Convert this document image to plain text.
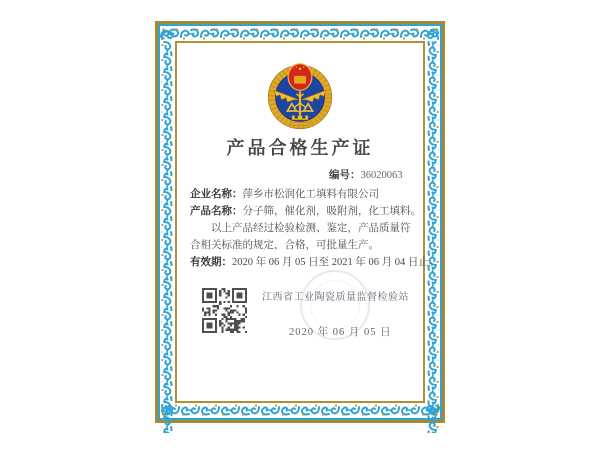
产品合格生产证
编号：36020063
企业名称：萍乡市松润化工填料有限公司
产品名称：分子筛，催化剂，吸附剂，化工填料。

以上产品经过检验检测、鉴定，产品质量符合相关标准的规定，合格，可批量生产。

有效期：2020 年 06 月 05 日至 2021 年 06 月 04 日止。
江西省工业陶瓷质量监督检验站
2020 年 06 月 05 日
